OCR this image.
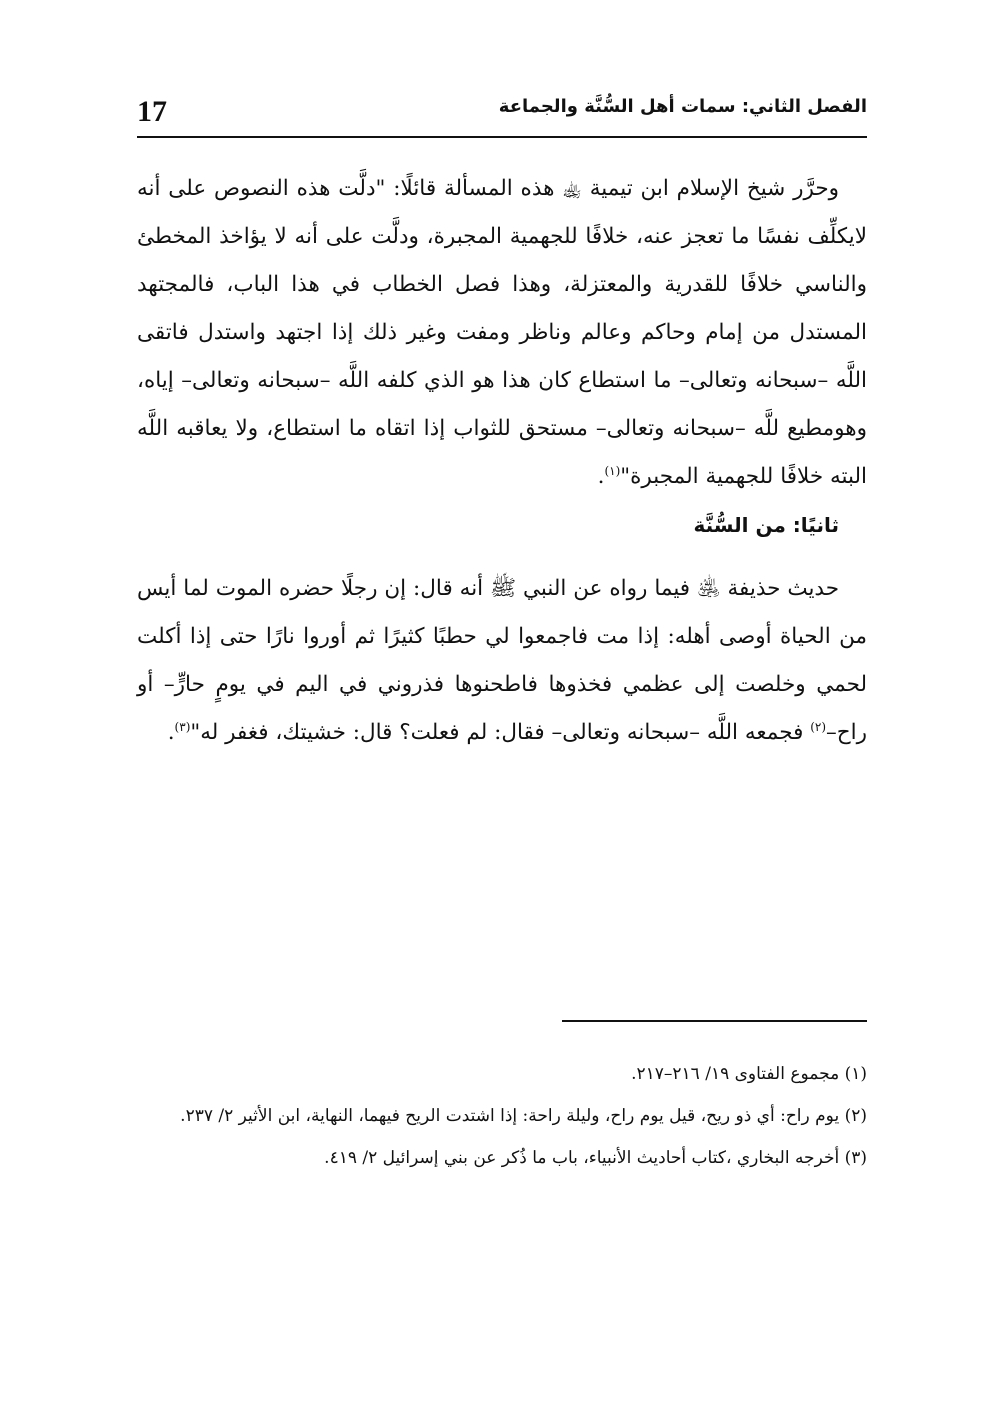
17	الفصل الثاني: سمات أهل السُّنَّة والجماعة

وحرَّر شيخ الإسلام ابن تيمية ﵀ هذه المسألة قائلًا: "دلَّت هذه النصوص على أنه لايكلِّف نفسًا ما تعجز عنه، خلافًا للجهمية المجبرة، ودلَّت على أنه لا يؤاخذ المخطئ والناسي خلافًا للقدرية والمعتزلة، وهذا فصل الخطاب في هذا الباب، فالمجتهد المستدل من إمام وحاكم وعالم وناظر ومفت وغير ذلك إذا اجتهد واستدل فاتقى اللَّه –سبحانه وتعالى– ما استطاع كان هذا هو الذي كلفه اللَّه –سبحانه وتعالى– إياه، وهومطيع للَّه –سبحانه وتعالى– مستحق للثواب إذا اتقاه ما استطاع، ولا يعاقبه اللَّه البته خلافًا للجهمية المجبرة"$^{(١)}$.

ثانيًا: من السُّنَّة

حديث حذيفة ﵁ فيما رواه عن النبي ﷺ أنه قال: إن رجلًا حضره الموت لما أيس من الحياة أوصى أهله: إذا مت فاجمعوا لي حطبًا كثيرًا ثم أوروا نارًا حتى إذا أكلت لحمي وخلصت إلى عظمي فخذوها فاطحنوها فذروني في اليم في يومٍ حارٍّ– أو راح–$^{(٢)}$ فجمعه اللَّه –سبحانه وتعالى– فقال: لم فعلت؟ قال: خشيتك، فغفر له"$^{(٣)}$.

(١) مجموع الفتاوى ١٩/ ٢١٦–٢١٧.

(٢) يوم راح: أي ذو ريح، قيل يوم راح، وليلة راحة: إذا اشتدت الريح فيهما، النهاية، ابن الأثير ٢/ ٢٣٧.

(٣) أخرجه البخاري ،كتاب أحاديث الأنبياء، باب ما ذُكر عن بني إسرائيل ٢/ ٤١٩.
